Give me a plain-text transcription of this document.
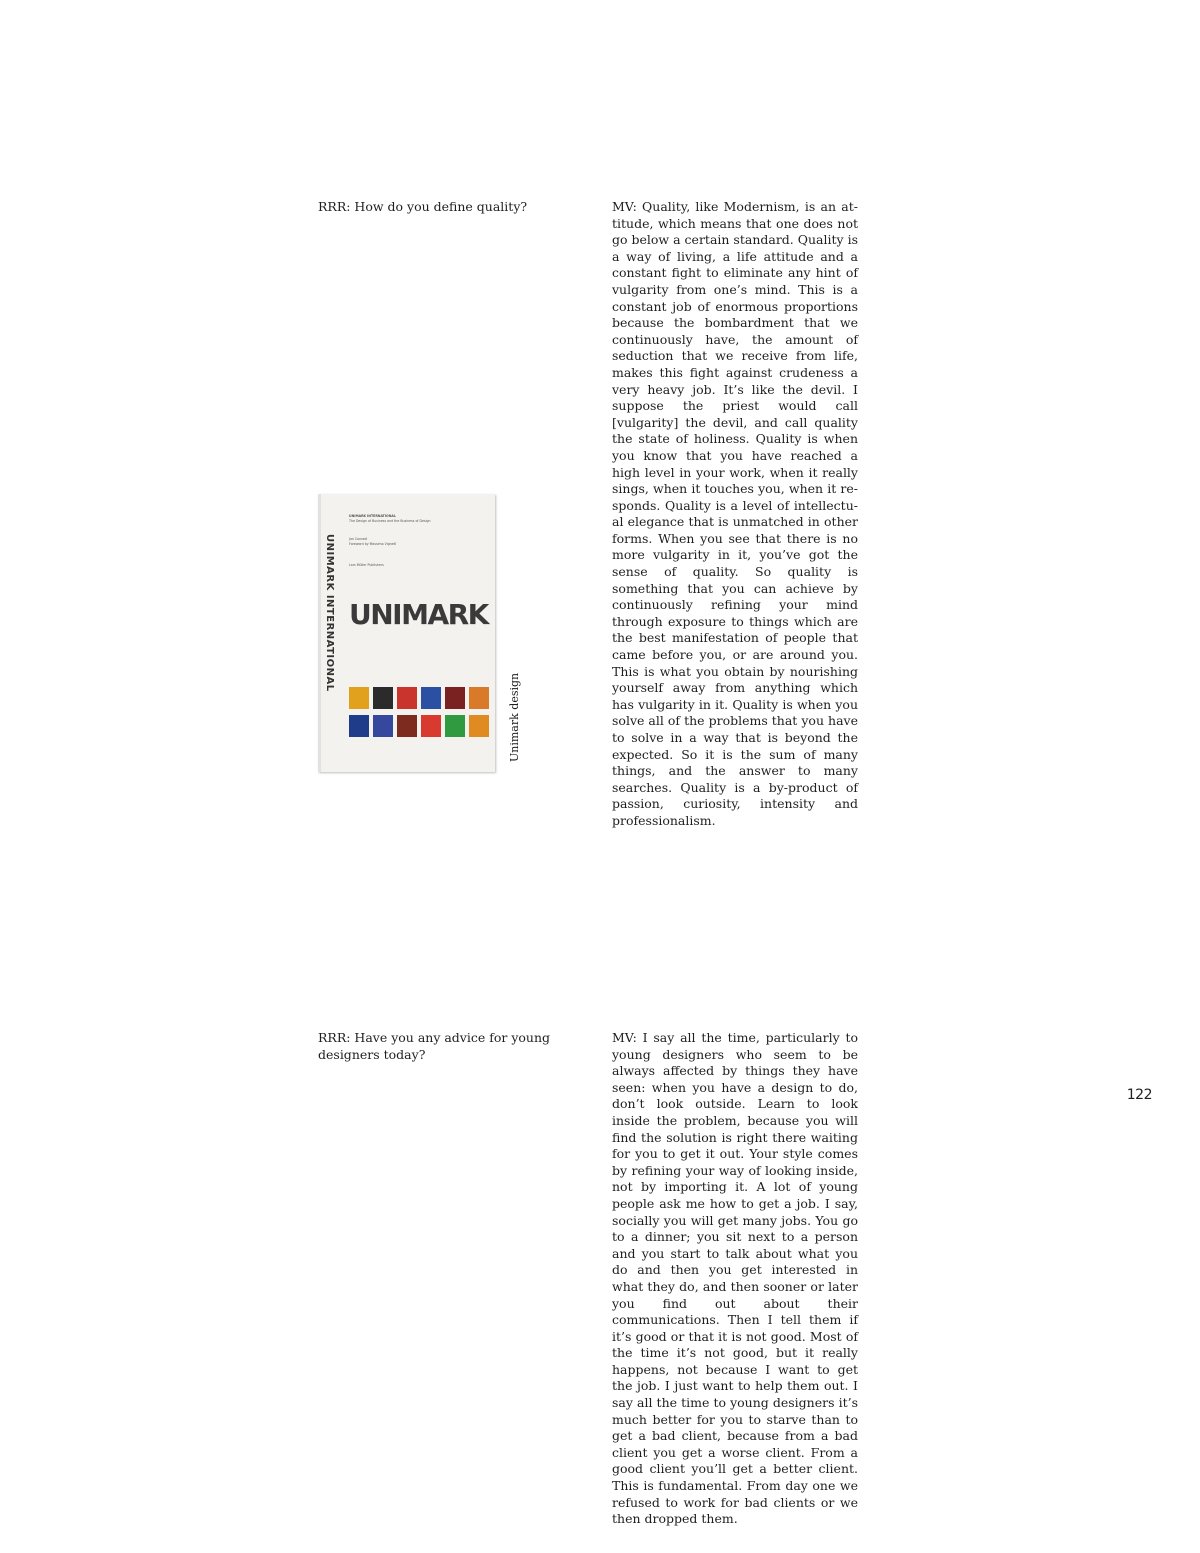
RRR: How do you define quality?	MV: Quality, like Modernism, is an attitude, which means that one does not go below a certain standard. Quality is a way of living, a life attitude and a constant fight to eliminate any hint of vulgarity from one’s mind. This is a constant job of enormous proportions because the bombardment that we continuously have, the amount of seduction that we receive from life, makes this fight against crudeness a very heavy job. It’s like the devil. I suppose the priest would call [vulgarity] the devil, and call quality the state of holiness. Quality is when you know that you have reached a high level in your work, when it really sings, when it touches you, when it responds. Quality is a level of intellectual elegance that is unmatched in other forms. When you see that there is no more vulgarity in it, you’ve got the sense of quality. So quality is something that you can achieve by continuously refining your mind through exposure to things which are the best manifestation of people that came before you, or are around you. This is what you obtain by nourishing yourself away from anything which has vulgarity in it. Quality is when you solve all of the problems that you have to solve in a way that is beyond the expected. So it is the sum of many things, and the answer to many searches. Quality is a by-product of passion, curiosity, intensity and professionalism.
UNIMARK INTERNATIONAL
UNIMARK INTERNATIONAL
The Design of Business and the Business of Design
Jan Conradi
Foreword by Massimo Vignelli
Lars Müller Publishers
UNIMARK
Unimark design
RRR: Have you any advice for young designers today?
MV: I say all the time, particularly to young designers who seem to be always affected by things they have seen: when you have a design to do, don’t look outside. Learn to look inside the problem, because you will find the solution is right there waiting for you to get it out. Your style comes by refining your way of looking inside, not by importing it. A lot of young people ask me how to get a job. I say, socially you will get many jobs. You go to a dinner; you sit next to a person and you start to talk about what you do and then you get interested in what they do, and then sooner or later you find out about their communications. Then I tell them if it’s good or that it is not good. Most of the time it’s not good, but it really happens, not because I want to get the job. I just want to help them out. I say all the time to young designers it’s much better for you to starve than to get a bad client, because from a bad client you get a worse client. From a good client you’ll get a better client. This is fundamental. From day one we refused to work for bad clients or we then dropped them.
122
